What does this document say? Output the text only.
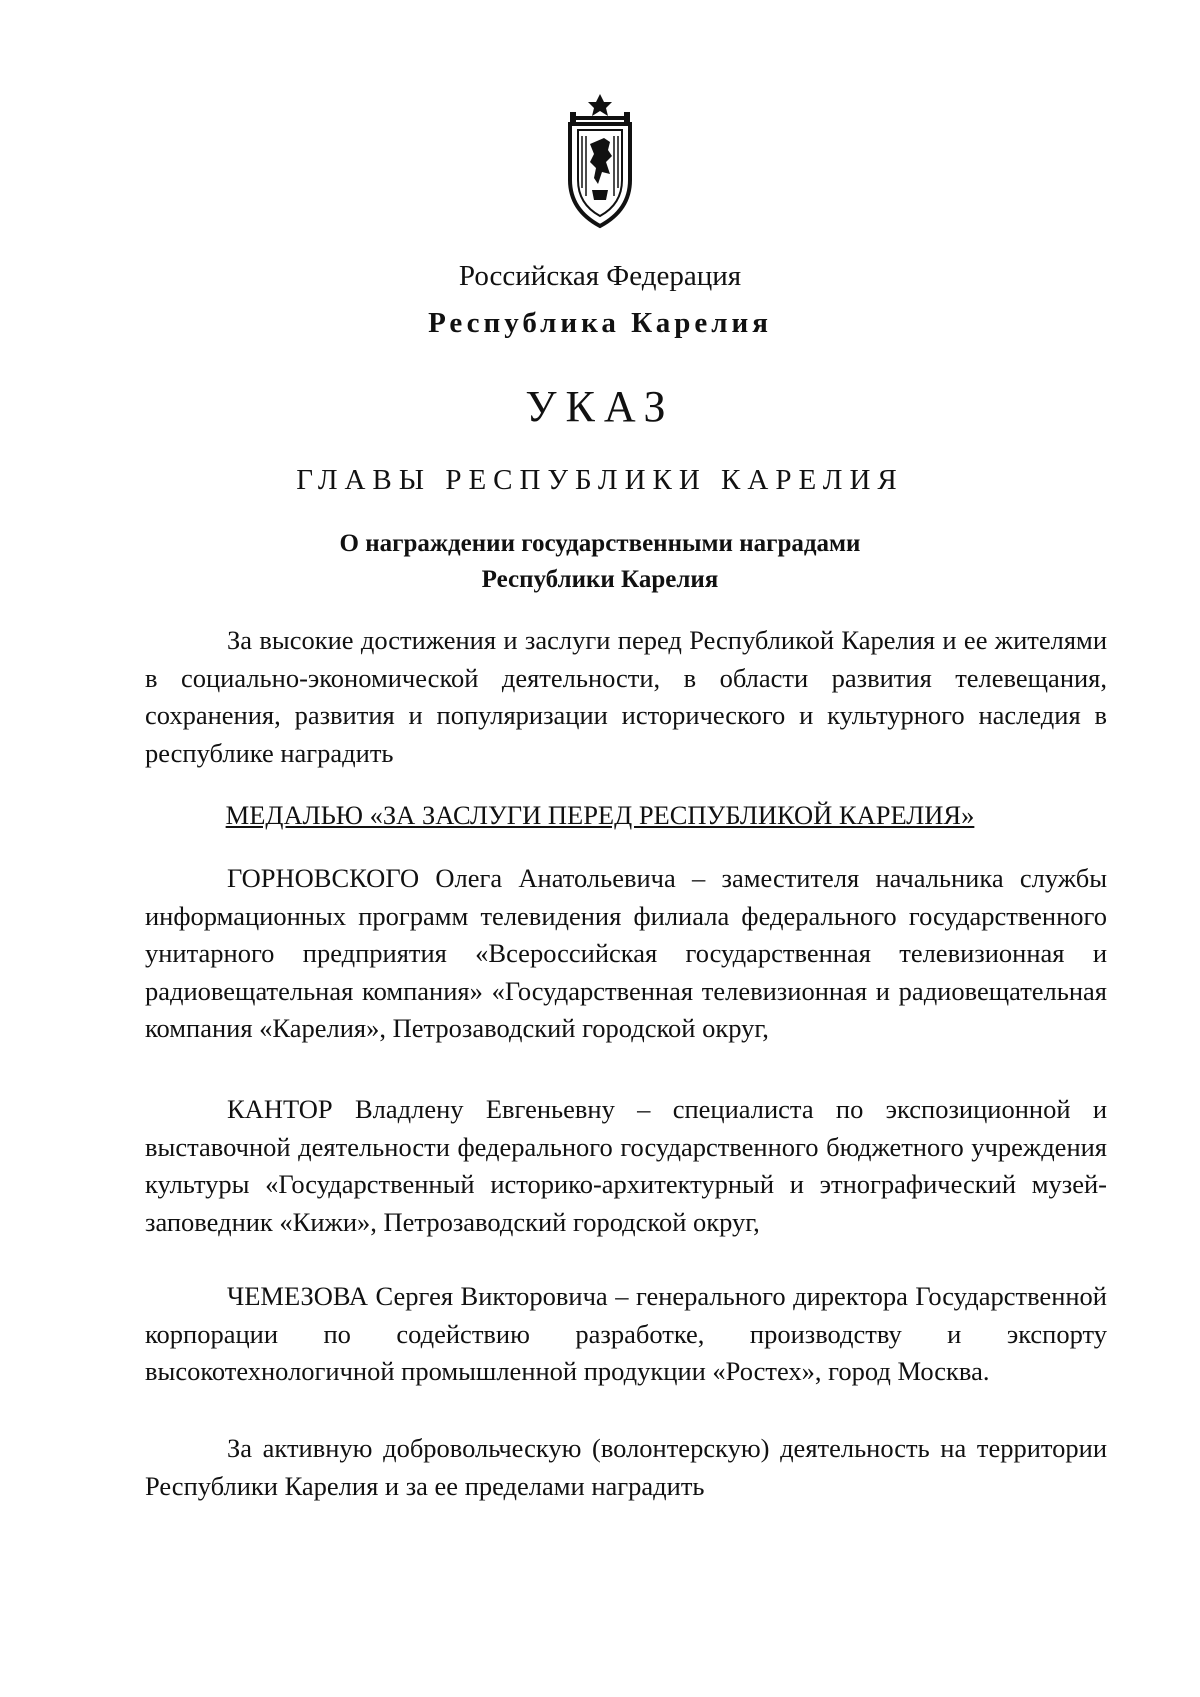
Российская Федерация
Республика Карелия
УКАЗ
ГЛАВЫ РЕСПУБЛИКИ КАРЕЛИЯ
О награждении государственными наградами
Республики Карелия

За высокие достижения и заслуги перед Республикой Карелия и ее жителями в социально-экономической деятельности, в области развития телевещания, сохранения, развития и популяризации исторического и культурного наследия в республике наградить

МЕДАЛЬЮ «ЗА ЗАСЛУГИ ПЕРЕД РЕСПУБЛИКОЙ КАРЕЛИЯ»

ГОРНОВСКОГО Олега Анатольевича – заместителя начальника службы информационных программ телевидения филиала федерального государственного унитарного предприятия «Всероссийская государственная телевизионная и радиовещательная компания» «Государственная телевизионная и радиовещательная компания «Карелия», Петрозаводский городской округ,

КАНТОР Владлену Евгеньевну – специалиста по экспозиционной и выставочной деятельности федерального государственного бюджетного учреждения культуры «Государственный историко-архитектурный и этнографический музей-заповедник «Кижи», Петрозаводский городской округ,

ЧЕМЕЗОВА Сергея Викторовича – генерального директора Государственной корпорации по содействию разработке, производству и экспорту высокотехнологичной промышленной продукции «Ростех», город Москва.

За активную добровольческую (волонтерскую) деятельность на территории Республики Карелия и за ее пределами наградить
